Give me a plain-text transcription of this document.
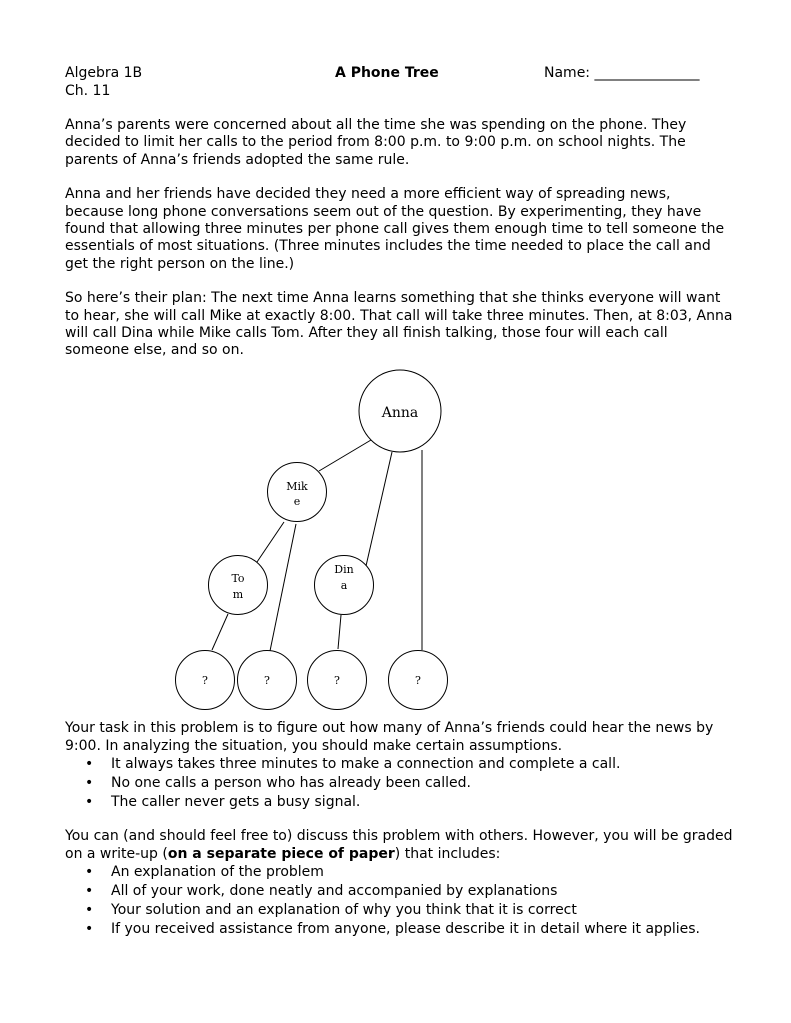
Algebra 1B
Ch. 11
A Phone Tree	Name: _______________

Anna’s parents were concerned about all the time she was spending on the phone. They decided to limit her calls to the period from 8:00 p.m. to 9:00 p.m. on school nights. The parents of Anna’s friends adopted the same rule.

Anna and her friends have decided they need a more efficient way of spreading news, because long phone conversations seem out of the question. By experimenting, they have found that allowing three minutes per phone call gives them enough time to tell someone the essentials of most situations. (Three minutes includes the time needed to place the call and get the right person on the line.)

So here’s their plan: The next time Anna learns something that she thinks everyone will want to hear, she will call Mike at exactly 8:00. That call will take three minutes. Then, at 8:03, Anna will call Dina while Mike calls Tom. After they all finish talking, those four will each call someone else, and so on.

Anna
Mik
e
To
m
Din
a
?	?	?	?

Your task in this problem is to figure out how many of Anna’s friends could hear the news by 9:00. In analyzing the situation, you should make certain assumptions.

• It always takes three minutes to make a connection and complete a call.
• No one calls a person who has already been called.
• The caller never gets a busy signal.

You can (and should feel free to) discuss this problem with others. However, you will be graded on a write-up (on a separate piece of paper) that includes:

• An explanation of the problem
• All of your work, done neatly and accompanied by explanations
• Your solution and an explanation of why you think that it is correct
• If you received assistance from anyone, please describe it in detail where it applies.
